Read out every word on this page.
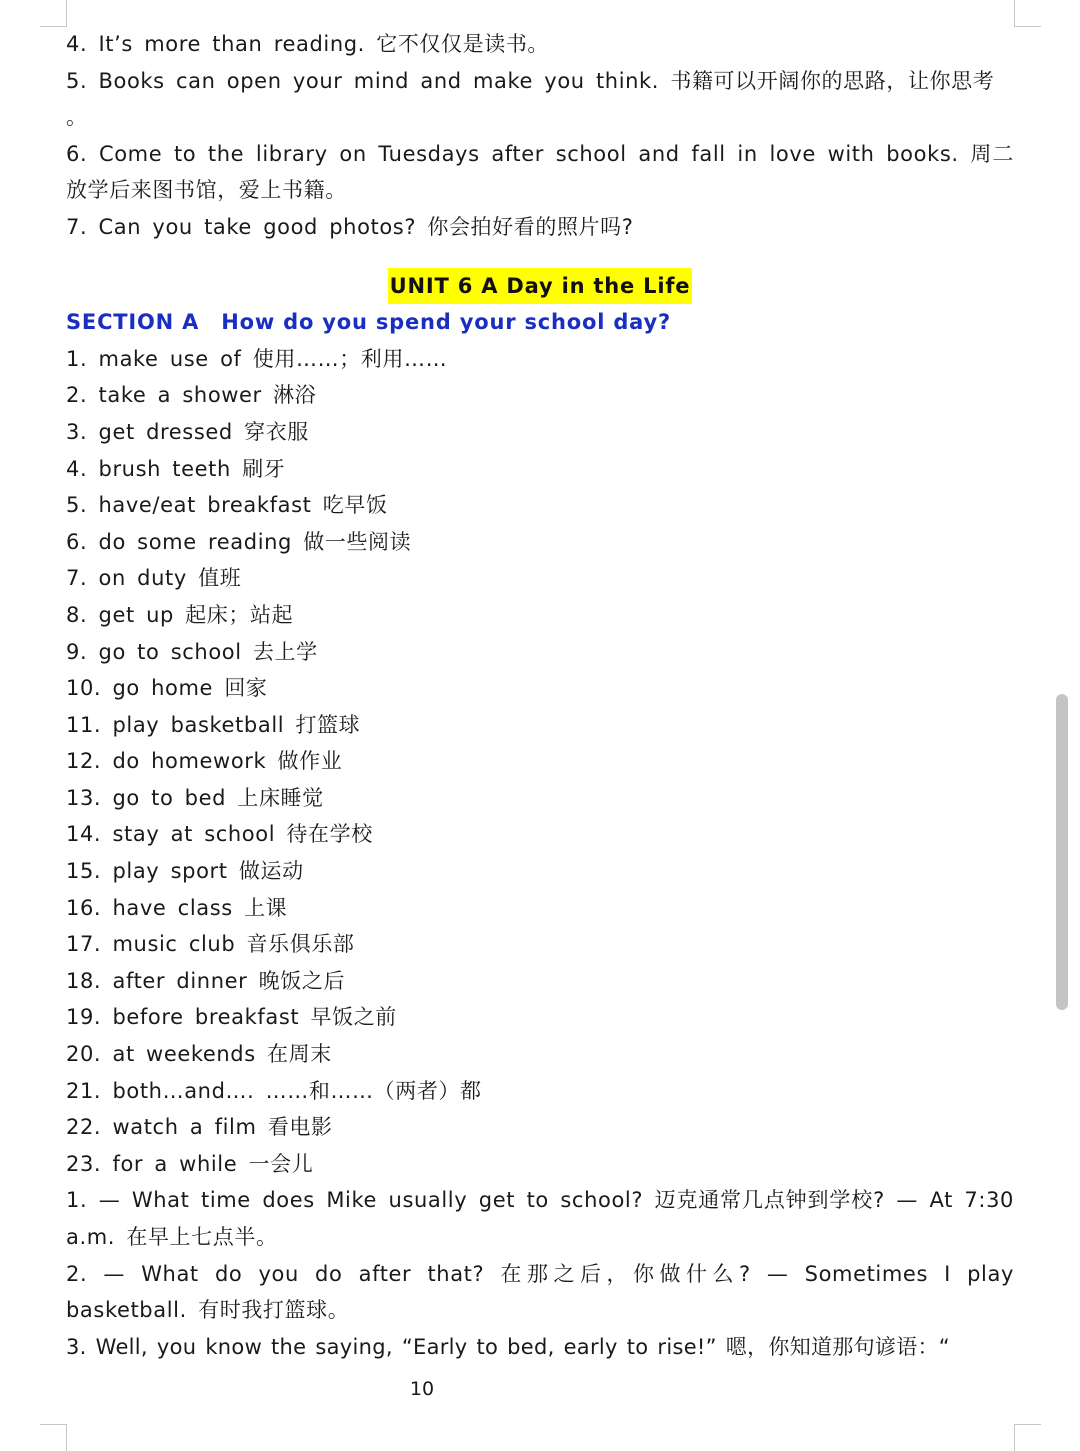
4. It’s more than reading. 它不仅仅是读书。
5. Books can open your mind and make you think. 书籍可以开阔你的思路，让你思考
。
6. Come to the library on Tuesdays after school and fall in love with books. 周二放学后来图书馆，爱上书籍。
7. Can you take good photos? 你会拍好看的照片吗?
UNIT 6 A Day in the Life
SECTION A How do you spend your school day?
1. make use of 使用……；利用……
2. take a shower 淋浴
3. get dressed 穿衣服
4. brush teeth 刷牙
5. have/eat breakfast 吃早饭
6. do some reading 做一些阅读
7. on duty 值班
8. get up 起床；站起
9. go to school 去上学
10. go home 回家
11. play basketball 打篮球
12. do homework 做作业
13. go to bed 上床睡觉
14. stay at school 待在学校
15. play sport 做运动
16. have class 上课
17. music club 音乐俱乐部
18. after dinner 晚饭之后
19. before breakfast 早饭之前
20. at weekends 在周末
21. both…and…. ……和……（两者）都
22. watch a film 看电影
23. for a while 一会儿
1. — What time does Mike usually get to school? 迈克通常几点钟到学校? — At 7:30 a.m. 在早上七点半。
2. — What do you do after that? 在那之后，你做什么? — Sometimes I play basketball. 有时我打篮球。
3. Well, you know the saying, “Early to bed, early to rise!” 嗯，你知道那句谚语：“
10
